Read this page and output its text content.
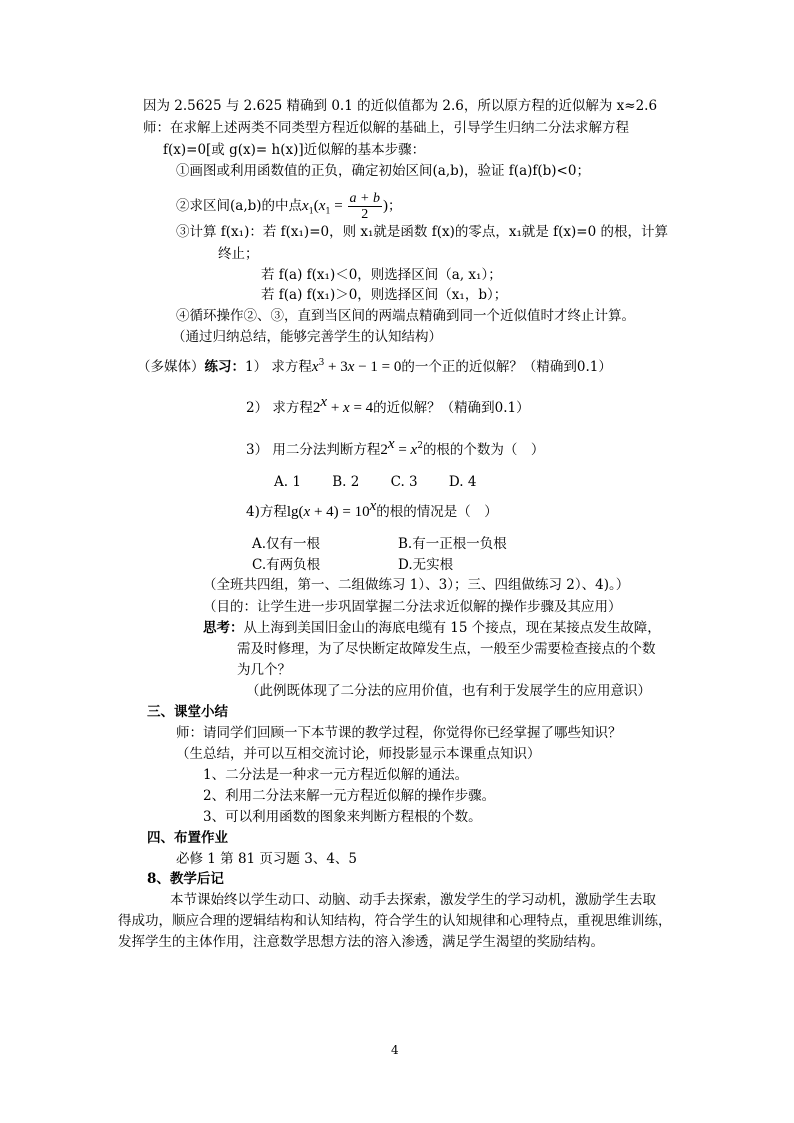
因为 2.5625 与 2.625 精确到 0.1 的近似值都为 2.6，所以原方程的近似解为 x≈2.6
师：在求解上述两类不同类型方程近似解的基础上，引导学生归纳二分法求解方程
f(x)=0[或 g(x)= h(x)]近似解的基本步骤：
①画图或利用函数值的正负，确定初始区间(a,b)，验证 f(a)f(b)<0；
②求区间(a,b)的中点$x_1(x_1 = \frac{a + b}{2}$ )；
③计算 f(x₁)：若 f(x₁)=0，则 x₁就是函数 f(x)的零点，x₁就是 f(x)=0 的根，计算
终止；
若 f(a) f(x₁)＜0，则选择区间（a, x₁）；
若 f(a) f(x₁)＞0，则选择区间（x₁，b）；
④循环操作②、③，直到当区间的两端点精确到同一个近似值时才终止计算。
（通过归纳总结，能够完善学生的认知结构）
（多媒体）练习：1） 求方程$x^3 + 3x - 1 = 0$的一个正的近似解？（精确到0.1）
2） 求方程$2^x + x = 4$的近似解？（精确到0.1）
3） 用二分法判断方程$2^x = x^2$的根的个数为（　）
A. 1　　 B. 2　　 C. 3　　 D. 4
4)方程$\lg(x + 4) = 10^x$的根的情况是（　）
A.仅有一根	B.有一正根一负根
C.有两负根	D.无实根
（全班共四组，第一、二组做练习 1）、3）；三、四组做练习 2）、4)。）
（目的：让学生进一步巩固掌握二分法求近似解的操作步骤及其应用）
思考：从上海到美国旧金山的海底电缆有 15 个接点，现在某接点发生故障，
需及时修理，为了尽快断定故障发生点，一般至少需要检查接点的个数
为几个？
（此例既体现了二分法的应用价值，也有利于发展学生的应用意识）
三、课堂小结
师：请同学们回顾一下本节课的教学过程，你觉得你已经掌握了哪些知识？
（生总结，并可以互相交流讨论，师投影显示本课重点知识）
1、二分法是一种求一元方程近似解的通法。
2、利用二分法来解一元方程近似解的操作步骤。
3、可以利用函数的图象来判断方程根的个数。
四、布置作业
必修 1 第 81 页习题 3、4、5
8、教学后记
本节课始终以学生动口、动脑、动手去探索，激发学生的学习动机，激励学生去取
得成功，顺应合理的逻辑结构和认知结构，符合学生的认知规律和心理特点，重视思维训练，
发挥学生的主体作用，注意数学思想方法的溶入渗透，满足学生渴望的奖励结构。
4
